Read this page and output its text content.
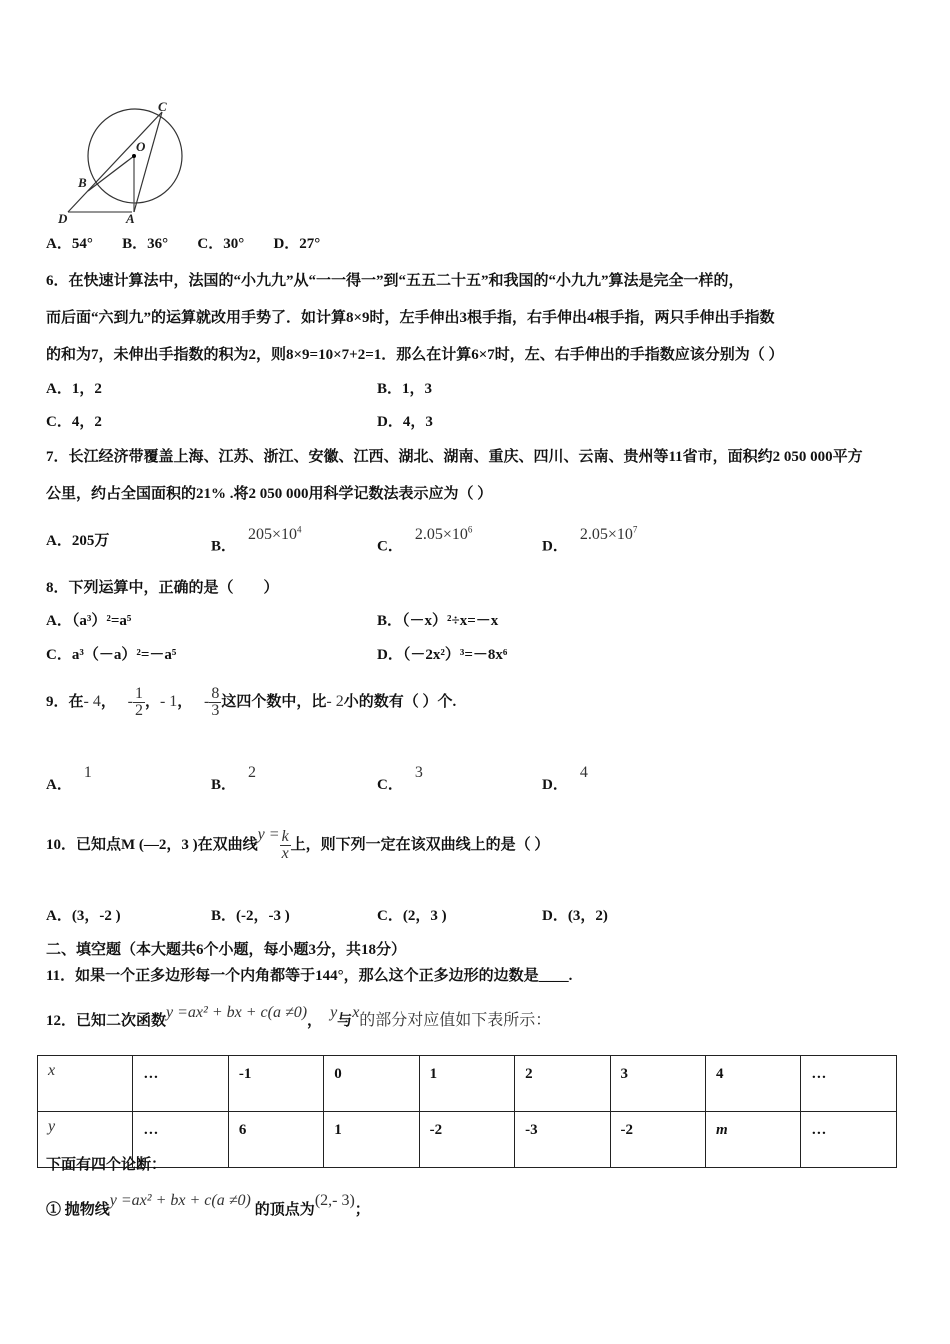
C
O
B
D	A
A．54° B．36° C．30° D．27°
6．在快速计算法中，法国的“小九九”从“一一得一”到“五五二十五”和我国的“小九九”算法是完全一样的，
而后面“六到九”的运算就改用手势了．如计算8×9时，左手伸出3根手指，右手伸出4根手指，两只手伸出手指数
的和为7，未伸出手指数的积为2，则8×9=10×7+2=1．那么在计算6×7时，左、右手伸出的手指数应该分别为（ ）
A．1，2	B．1，3
C．4，2	D．4，3
7．长江经济带覆盖上海、江苏、浙江、安徽、江西、湖北、湖南、重庆、四川、云南、贵州等11省市，面积约2 050 000平方
公里，约占全国面积的21% .将2 050 000用科学记数法表示应为（ ）
A．205万	B．$205\times 10^4$
C．$2.05\times 10^6$
D．$2.05\times 10^7$
8．下列运算中，正确的是（　　）
A．（a³）²=a⁵	B．（－x）²÷x=－x
C．a³（－a）²=－a⁵	D．（－2x²）³=－8x⁶
9．在- 4， - $\frac{1}{2}$ ，- 1， - $\frac{8}{3}$ 这四个数中，比- 2小的数有（ ）个.
A．1
B．2
C．3
D．4
10．已知点M (—2，3 )在双曲线$y = \frac{k}{x}$ 上，则下列一定在该双曲线上的是（ ）
A．(3，-2 )	B．(-2，-3 )	C．(2，3 )	D．(3，2)
二、填空题（本大题共6个小题，每小题3分，共18分）
11．如果一个正多边形每一个内角都等于144°，那么这个正多边形的边数是____.
12．已知二次函数y =ax² + bx + c(a ≠0)， y与x的部分对应值如下表所示：
x	…	-1	0	1	2	3	4	…
y	…	6	1	-2	-3	-2	m	…
下面有四个论断：
① 抛物线y =ax² + bx + c(a ≠0)的顶点为(2,- 3)；
